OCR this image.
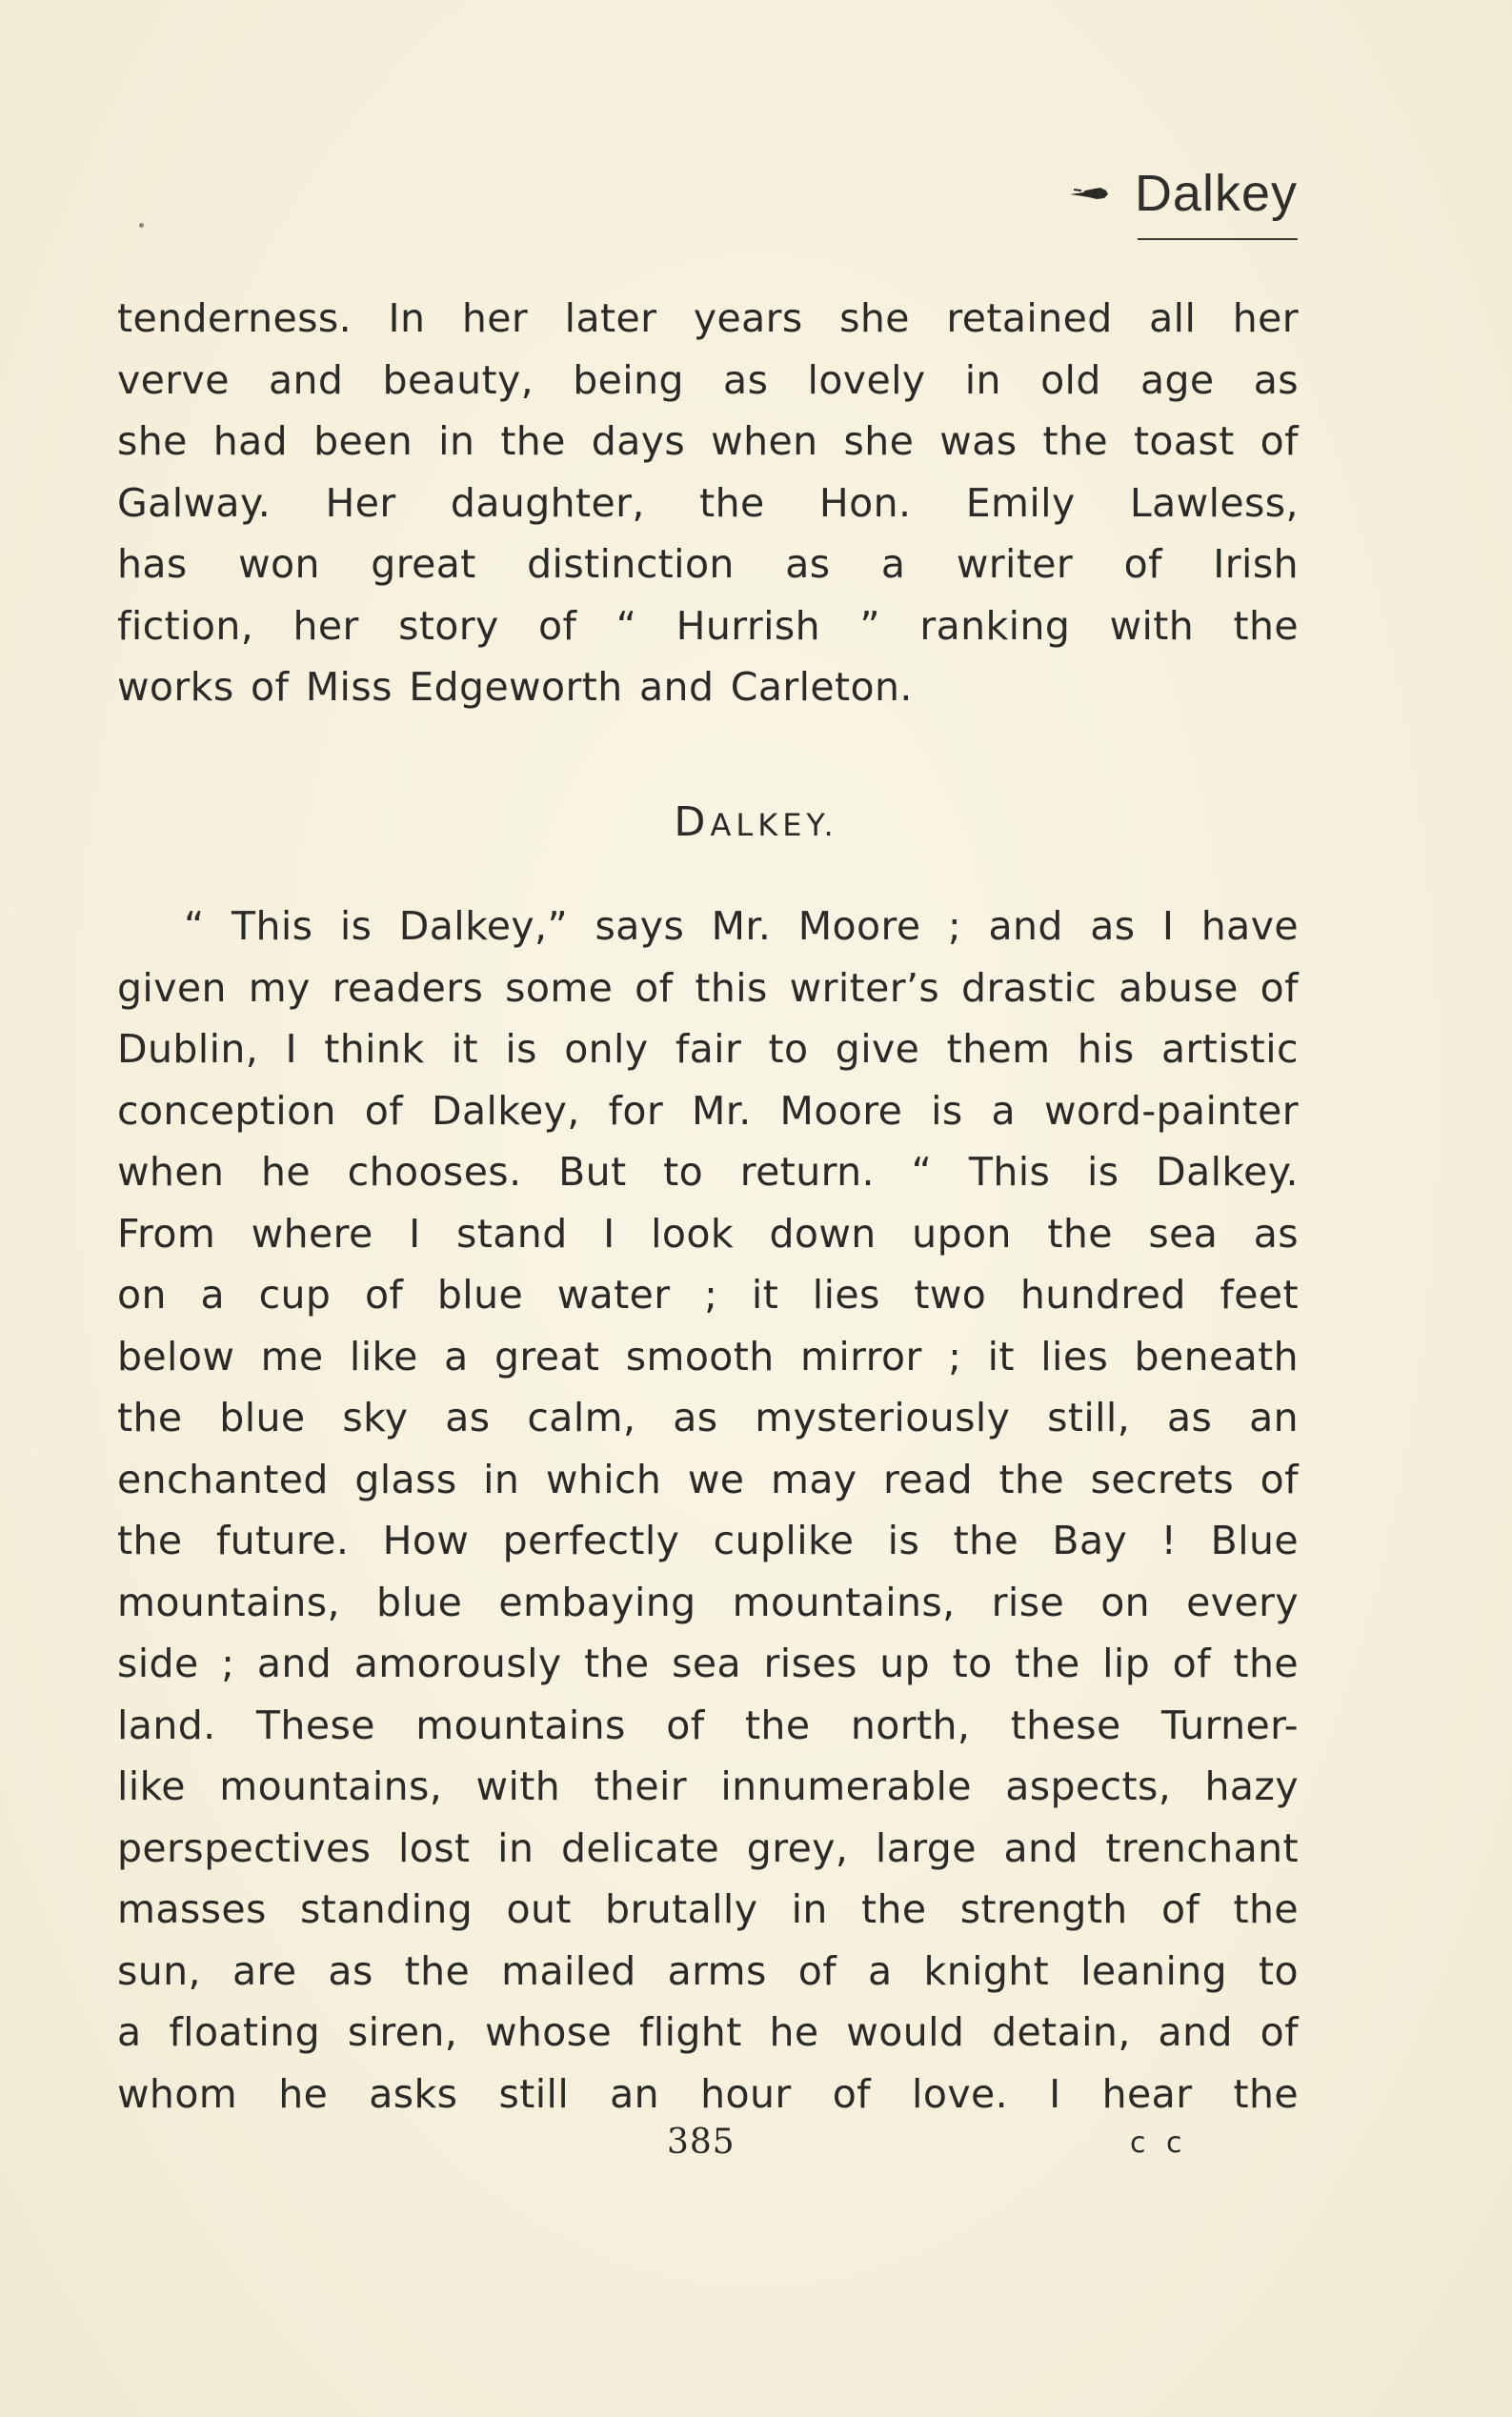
Dalkey
tenderness. In her later years she retained all her
verve and beauty, being as lovely in old age as
she had been in the days when she was the toast of
Galway. Her daughter, the Hon. Emily Lawless,
has won great distinction as a writer of Irish
fiction, her story of “ Hurrish ” ranking with the
works of Miss Edgeworth and Carleton.
DALKEY.
“ This is Dalkey,” says Mr. Moore ; and as I have
given my readers some of this writer’s drastic abuse of
Dublin, I think it is only fair to give them his artistic
conception of Dalkey, for Mr. Moore is a word-painter
when he chooses. But to return. “ This is Dalkey.
From where I stand I look down upon the sea as
on a cup of blue water ; it lies two hundred feet
below me like a great smooth mirror ; it lies beneath
the blue sky as calm, as mysteriously still, as an
enchanted glass in which we may read the secrets of
the future. How perfectly cuplike is the Bay ! Blue
mountains, blue embaying mountains, rise on every
side ; and amorously the sea rises up to the lip of the
land. These mountains of the north, these Turner-
like mountains, with their innumerable aspects, hazy
perspectives lost in delicate grey, large and trenchant
masses standing out brutally in the strength of the
sun, are as the mailed arms of a knight leaning to
a floating siren, whose flight he would detain, and of
whom he asks still an hour of love. I hear the
385	c c
